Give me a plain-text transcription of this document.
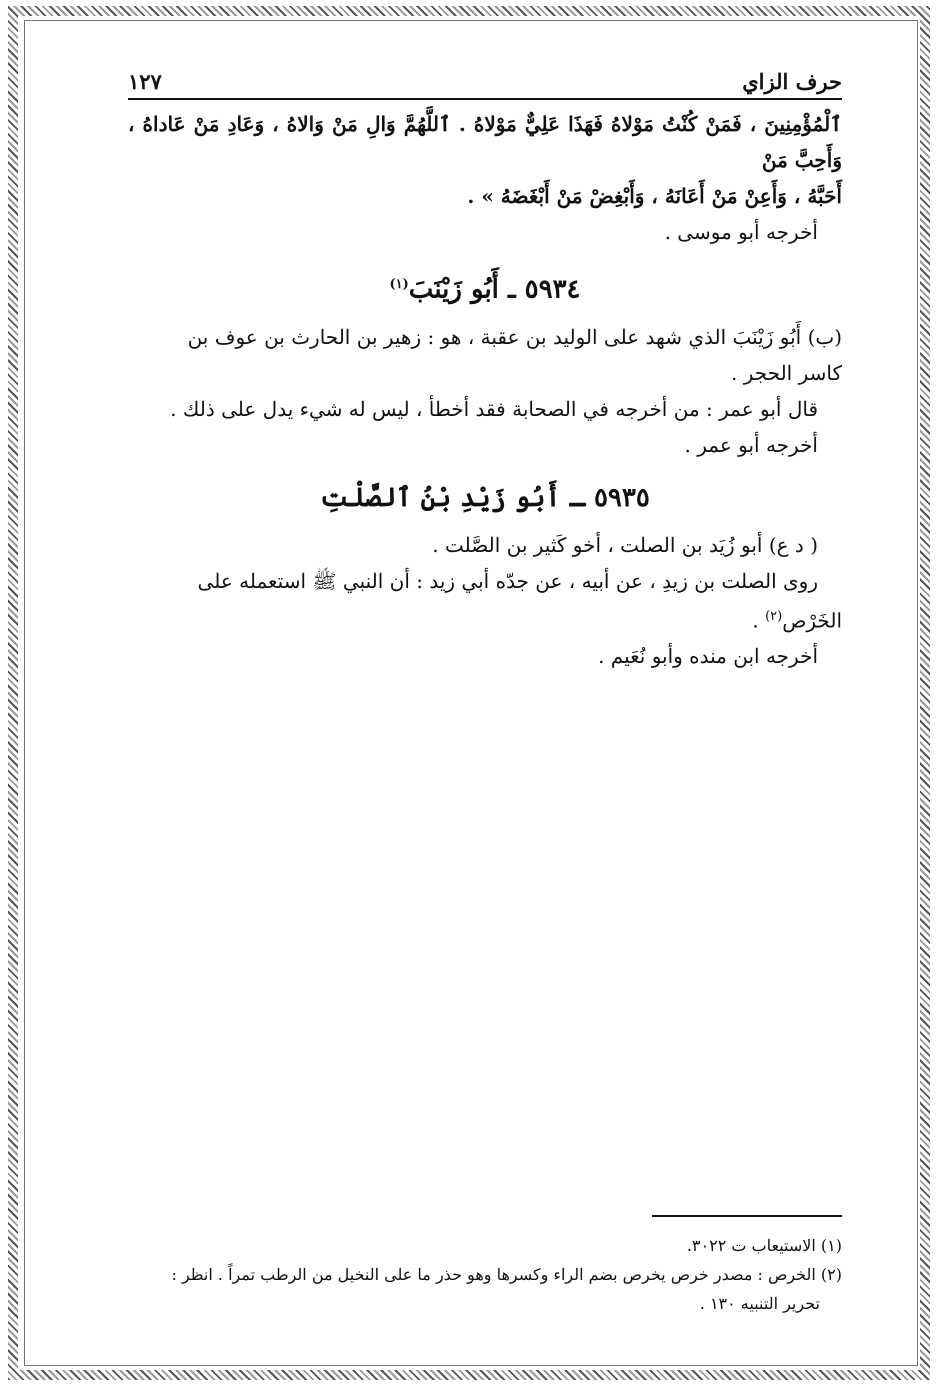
حرف الزاي
١٢٧

ٱلْمُؤْمِنِينَ ، فَمَنْ كُنْتُ مَوْلاهُ فَهَذَا عَلِيٌّ مَوْلاهُ . ٱللَّهُمَّ وَالِ مَنْ وَالاهُ ، وَعَادِ مَنْ عَاداهُ ، وَأَحِبَّ مَنْ

أَحَبَّهُ ، وَأَعِنْ مَنْ أَعَانَهُ ، وَأَبْغِضْ مَنْ أَبْغَضَهُ » .

أخرجه أبو موسى .

٥٩٣٤ ـ أَبُو زَيْنَبَ$^{(١)}$

(ب) أَبُو زَيْنَبَ الذي شهد على الوليد بن عقبة ، هو : زهير بن الحارث بن عوف بن

كاسر الحجر .

قال أبو عمر : من أخرجه في الصحابة فقد أخطأ ، ليس له شيء يدل على ذلك .

أخرجه أبو عمر .

٥٩٣٥ ـ أَبُو زَيْدِ بْنُ ٱلصَّلْتِ

( د ع) أبو زُيَد بن الصلت ، أخو كَثير بن الصَّلت .

روى الصلت بن زيدِ ، عن أبيه ، عن جدّه أبي زيد : أن النبي ﷺ استعمله على

الخَرْص$^{(٢)}$ .

أخرجه ابن منده وأبو نُعَيم .

(١) الاستيعاب ت ٣٠٢٢.
(٢) الخرص : مصدر خرص يخرص بضم الراء وكسرها وهو حذر ما على النخيل من الرطب تمراً . انظر :
تحرير التنبيه ١٣٠ .
